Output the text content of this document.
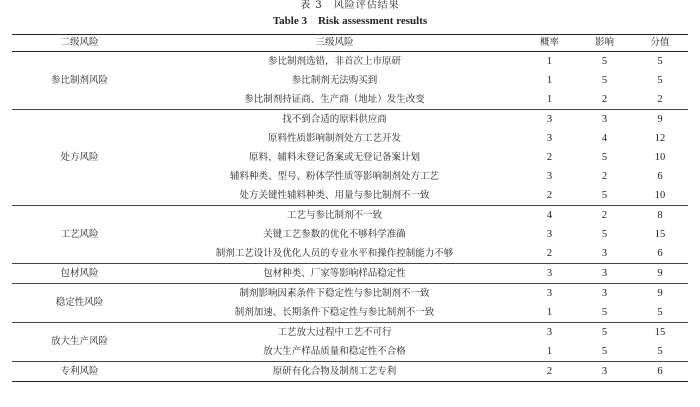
表 3　风险评估结果
Table 3　Risk assessment results
二级风险	三级风险	概率	影响	分值
参比制剂风险	参比制剂选错，非首次上市原研	1	5	5
	参比制剂无法购买到	1	5	5
	参比制剂持证商、生产商（地址）发生改变	1	2	2
处方风险	找不到合适的原料供应商	3	3	9
	原料性质影响制剂处方工艺开发	3	4	12
	原料、辅料未登记备案或无登记备案计划	2	5	10
	辅料种类、型号、粉体学性质等影响制剂处方工艺	3	2	6
	处方关键性辅料种类、用量与参比制剂不一致	2	5	10
工艺风险	工艺与参比制剂不一致	4	2	8
	关键工艺参数的优化不够科学准确	3	5	15
	制剂工艺设计及优化人员的专业水平和操作控制能力不够	2	3	6
包材风险	包材种类、厂家等影响样品稳定性	3	3	9
稳定性风险	制剂影响因素条件下稳定性与参比制剂不一致	3	3	9
	制剂加速、长期条件下稳定性与参比制剂不一致	1	5	5
放大生产风险	工艺放大过程中工艺不可行	3	5	15
	放大生产样品质量和稳定性不合格	1	5	5
专利风险	原研有化合物及制剂工艺专利	2	3	6
